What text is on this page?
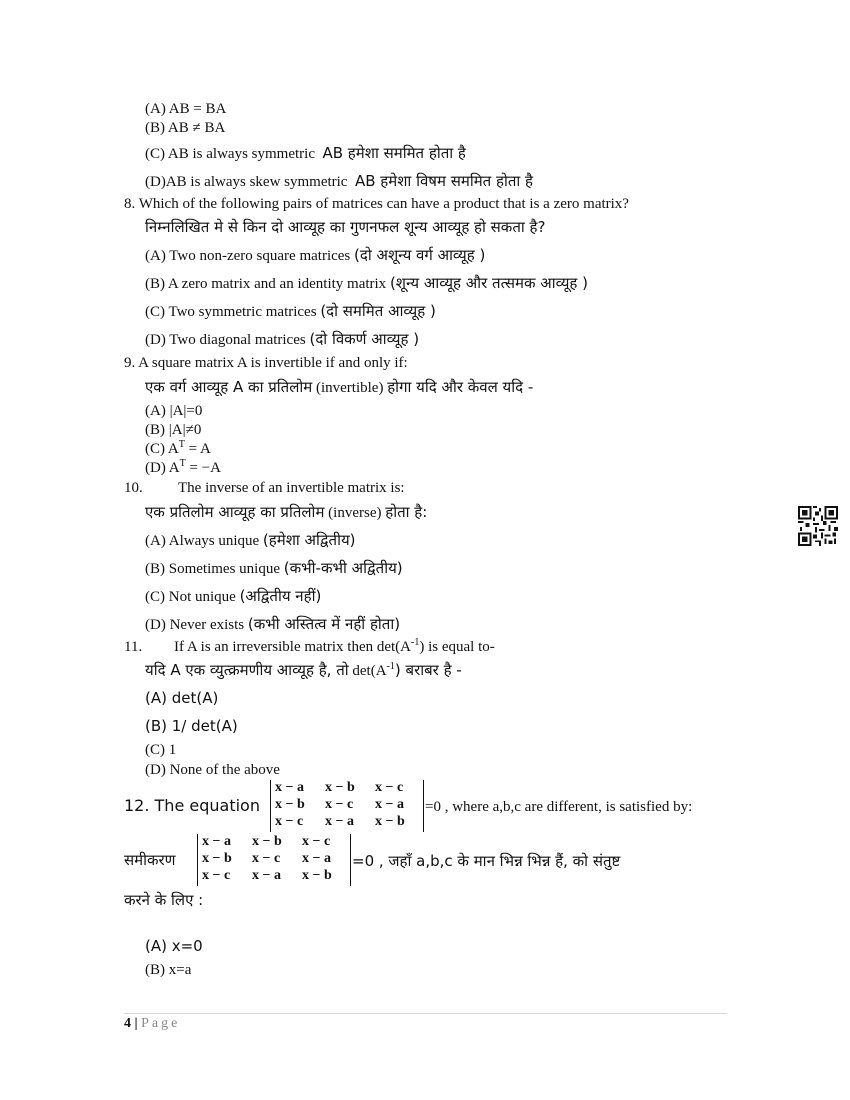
(A) AB = BA
(B) AB ≠ BA
(C) AB is always symmetric AB हमेशा सममित होता है
(D)AB is always skew symmetric AB हमेशा विषम सममित होता है
8. Which of the following pairs of matrices can have a product that is a zero matrix?
निम्नलिखित मे से किन दो आव्यूह का गुणनफल शून्य आव्यूह हो सकता है?
(A) Two non-zero square matrices (दो अशून्य वर्ग आव्यूह )
(B) A zero matrix and an identity matrix (शून्य आव्यूह और तत्समक आव्यूह )
(C) Two symmetric matrices (दो सममित आव्यूह )
(D) Two diagonal matrices (दो विकर्ण आव्यूह )
9. A square matrix A is invertible if and only if:
एक वर्ग आव्यूह A का प्रतिलोम (invertible) होगा यदि और केवल यदि -
(A) |A|=0
(B) |A|≠0
(C) $A^T = A$
(D) $A^T = -A$
10. The inverse of an invertible matrix is:
एक प्रतिलोम आव्यूह का प्रतिलोम (inverse) होता है:
(A) Always unique (हमेशा अद्वितीय)
(B) Sometimes unique (कभी-कभी अद्वितीय)
(C) Not unique (अद्वितीय नहीं)
(D) Never exists (कभी अस्तित्व में नहीं होता)
11. If A is an irreversible matrix then $\det(A^{-1})$ is equal to-
यदि A एक व्युत्क्रमणीय आव्यूह है, तो $\det(A^{-1})$ बराबर है -
(A) det(A)
(B) 1/ det(A)
(C) 1
(D) None of the above
12. The equation
x − a x − b x − c
x − b x − c x − a
x − c x − a x − b
=0 , where a,b,c are different, is satisfied by:
समीकरण
x − a x − b x − c
x − b x − c x − a
x − c x − a x − b
=0 , जहाँ a,b,c के मान भिन्न भिन्न हैं, को संतुष्ट
करने के लिए :
(A) x=0
(B) x=a
4 | Page
